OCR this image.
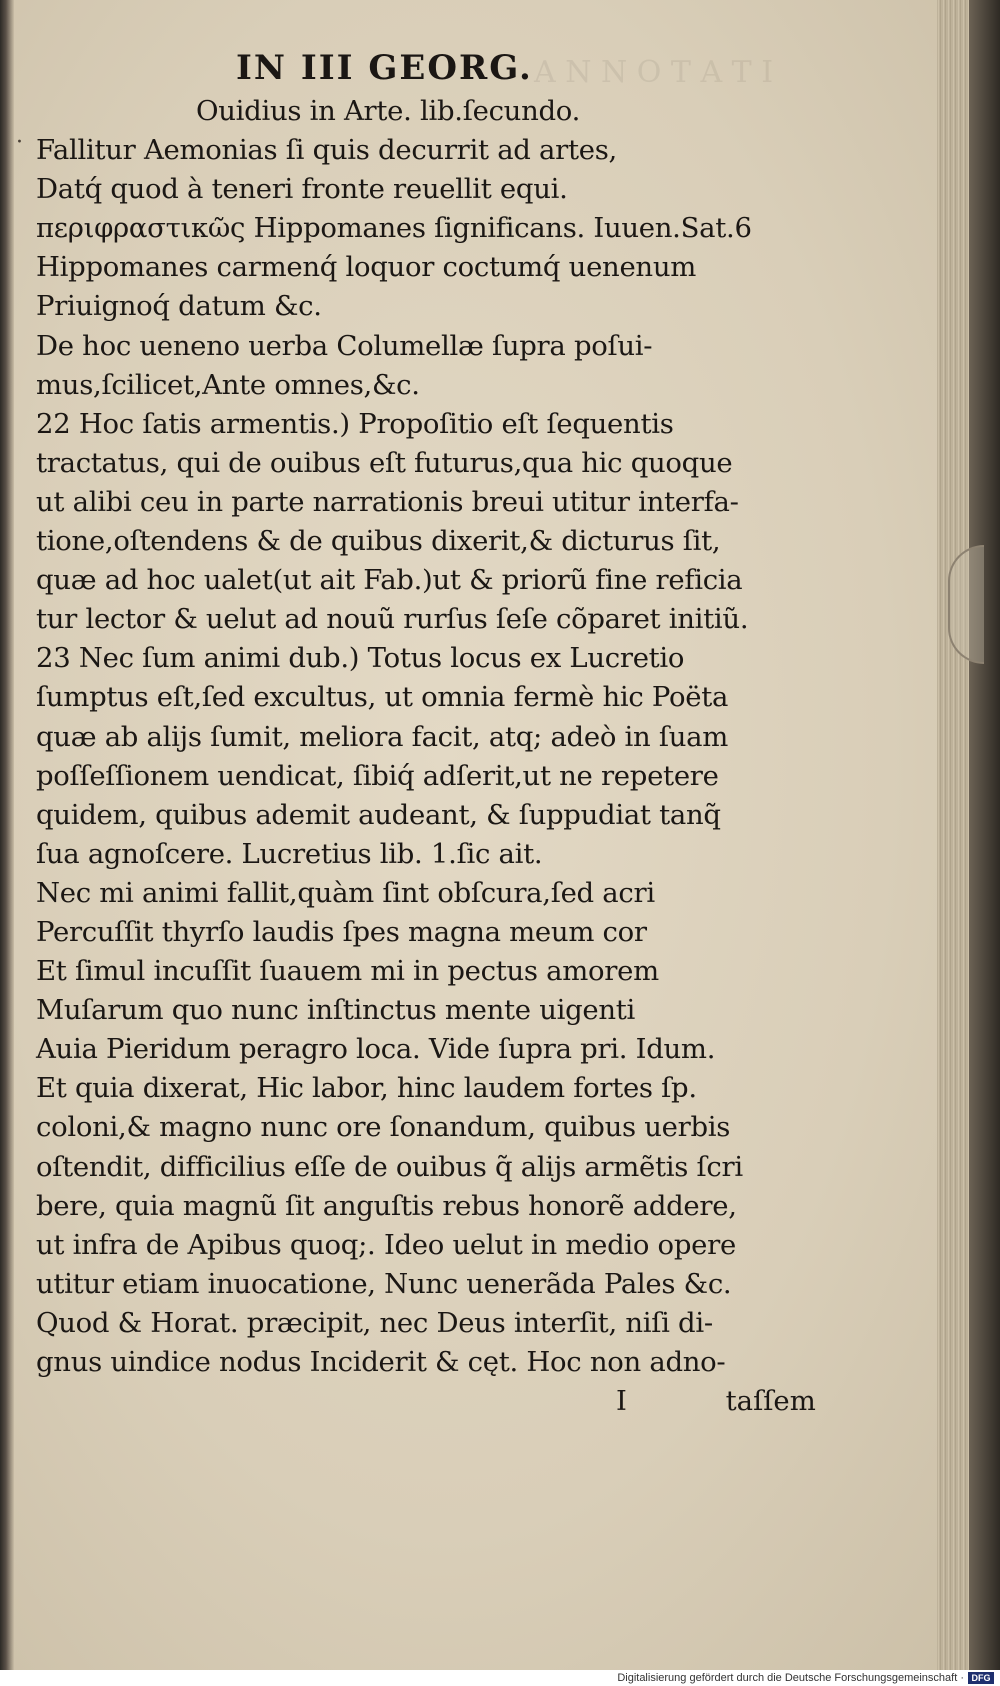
A N N O T A T I
·
IN III GEORG.
Ouidius in Arte. lib.ſecundo.
Fallitur Aemonias ſi quis decurrit ad artes,
Datq́ quod à teneri fronte reuellit equi.
περιφραστικῶς Hippomanes ſignificans. Iuuen.Sat.6
Hippomanes carmenq́ loquor coctumq́ uenenum
Priuignoq́ datum &c.
De hoc ueneno uerba Columellæ ſupra poſui-
mus,ſcilicet,Ante omnes,&c.
22 Hoc ſatis armentis.) Propoſitio eſt ſequentis
tractatus, qui de ouibus eſt futurus,qua hic quoque
ut alibi ceu in parte narrationis breui utitur interfa-
tione,oſtendens & de quibus dixerit,& dicturus ſit,
quæ ad hoc ualet(ut ait Fab.)ut & priorũ fine reficia
tur lector & uelut ad nouũ rurſus ſeſe cõparet initiũ.
23 Nec ſum animi dub.) Totus locus ex Lucretio
ſumptus eſt,ſed excultus, ut omnia fermè hic Poëta
quæ ab alijs ſumit, meliora facit, atq; adeò in ſuam
poſſeſſionem uendicat, ſibiq́ adſerit,ut ne repetere
quidem, quibus ademit audeant, & ſuppudiat tanq̃
ſua agnoſcere. Lucretius lib. 1.ſic ait.
Nec mi animi fallit,quàm ſint obſcura,ſed acri
Percuſſit thyrſo laudis ſpes magna meum cor
Et ſimul incuſſit ſuauem mi in pectus amorem
Muſarum quo nunc inſtinctus mente uigenti
Auia Pieridum peragro loca. Vide ſupra pri. Idum.
Et quia dixerat, Hic labor, hinc laudem fortes ſp.
coloni,& magno nunc ore ſonandum, quibus uerbis
oſtendit, difficilius eſſe de ouibus q̃ alijs armẽtis ſcri
bere, quia magnũ ſit anguſtis rebus honorẽ addere,
ut infra de Apibus quoq;. Ideo uelut in medio opere
utitur etiam inuocatione, Nunc uenerãda Pales &c.
Quod & Horat. præcipit, nec Deus interſit, niſi di-
gnus uindice nodus Inciderit & cęt. Hoc non adno-
I	taſſem
Digitalisierung gefördert durch die Deutsche Forschungsgemeinschaft · DFG
